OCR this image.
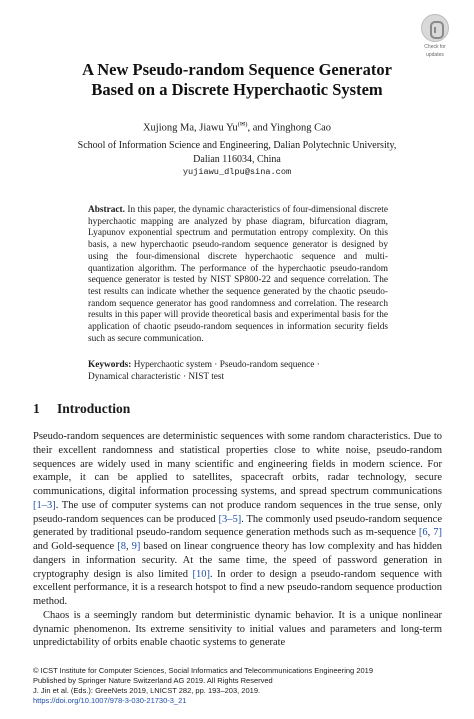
Check for
updates
A New Pseudo-random Sequence Generator
Based on a Discrete Hyperchaotic System
Xujiong Ma, Jiawu Yu(✉), and Yinghong Cao
School of Information Science and Engineering, Dalian Polytechnic University,
Dalian 116034, China
yujiawu_dlpu@sina.com
Abstract. In this paper, the dynamic characteristics of four-dimensional discrete hyperchaotic mapping are analyzed by phase diagram, bifurcation diagram, Lyapunov exponential spectrum and permutation entropy complexity. On this basis, a new hyperchaotic pseudo-random sequence generator is designed by using the four-dimensional discrete hyperchaotic sequence and multi-quantization algorithm. The performance of the hyperchaotic pseudo-random sequence generator is tested by NIST SP800-22 and sequence correlation. The test results can indicate whether the sequence generated by the chaotic pseudo-random sequence generator has good randomness and correlation. The research results in this paper will provide theoretical basis and experimental basis for the application of chaotic pseudo-random sequences in information security fields such as secure communication.
Keywords: Hyperchaotic system · Pseudo-random sequence ·
Dynamical characteristic · NIST test
1 Introduction

Pseudo-random sequences are deterministic sequences with some random characteristics. Due to their excellent randomness and statistical properties close to white noise, pseudo-random sequences are widely used in many scientific and engineering fields in modern science. For example, it can be applied to satellites, spacecraft orbits, radar technology, secure communications, digital information processing systems, and spread spectrum communications [1–3]. The use of computer systems can not produce random sequences in the true sense, only pseudo-random sequences can be produced [3–5]. The commonly used pseudo-random sequence generated by traditional pseudo-random sequence generation methods such as m-sequence [6, 7] and Gold-sequence [8, 9] based on linear congruence theory has low complexity and has hidden dangers in information security. At the same time, the speed of password generation in cryptography design is also limited [10]. In order to design a pseudo-random sequence with excellent performance, it is a research hotspot to find a new pseudo-random sequence production method.

Chaos is a seemingly random but deterministic dynamic behavior. It is a unique nonlinear dynamic phenomenon. Its extreme sensitivity to initial values and parameters and long-term unpredictability of orbits enable chaotic systems to generate

© ICST Institute for Computer Sciences, Social Informatics and Telecommunications Engineering 2019
Published by Springer Nature Switzerland AG 2019. All Rights Reserved
J. Jin et al. (Eds.): GreeNets 2019, LNICST 282, pp. 193–203, 2019.
https://doi.org/10.1007/978-3-030-21730-3_21
